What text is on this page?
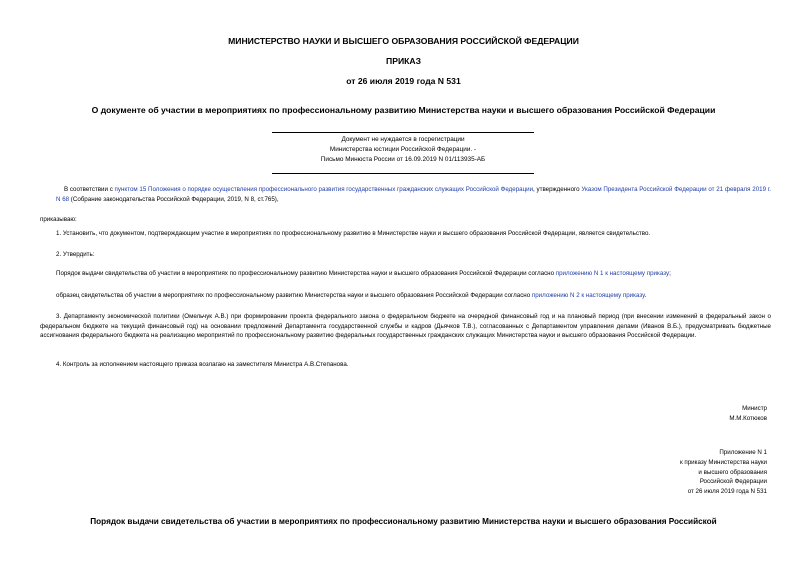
МИНИСТЕРСТВО НАУКИ И ВЫСШЕГО ОБРАЗОВАНИЯ РОССИЙСКОЙ ФЕДЕРАЦИИ
ПРИКАЗ
от 26 июля 2019 года N 531
О документе об участии в мероприятиях по профессиональному развитию Министерства науки и высшего образования Российской Федерации
Документ не нуждается в госрегистрации
Министерства юстиции Российской Федерации. -
Письмо Минюста России от 16.09.2019 N 01/113935-АБ
В соответствии с пунктом 15 Положения о порядке осуществления профессионального развития государственных гражданских служащих Российской Федерации, утвержденного Указом Президента Российской Федерации от 21 февраля 2019 г. N 68 (Собрание законодательства Российской Федерации, 2019, N 8, ст.765),
приказываю:
1. Установить, что документом, подтверждающим участие в мероприятиях по профессиональному развитию в Министерстве науки и высшего образования Российской Федерации, является свидетельство.
2. Утвердить:
Порядок выдачи свидетельства об участии в мероприятиях по профессиональному развитию Министерства науки и высшего образования Российской Федерации согласно приложению N 1 к настоящему приказу;
образец свидетельства об участии в мероприятиях по профессиональному развитию Министерства науки и высшего образования Российской Федерации согласно приложению N 2 к настоящему приказу.
3. Департаменту экономической политики (Омельчук А.В.) при формировании проекта федерального закона о федеральном бюджете на очередной финансовый год и на плановый период (при внесении изменений в федеральный закон о федеральном бюджете на текущий финансовый год) на основании предложений Департамента государственной службы и кадров (Дьячков Т.В.), согласованных с Департаментом управления делами (Иванов В.Б.), предусматривать бюджетные ассигнования федерального бюджета на реализацию мероприятий по профессиональному развитию федеральных государственных гражданских служащих Министерства науки и высшего образования Российской Федерации.
4. Контроль за исполнением настоящего приказа возлагаю на заместителя Министра А.В.Степанова.
Министр
М.М.Котюков
Приложение N 1
к приказу Министерства науки
и высшего образования
Российской Федерации
от 26 июля 2019 года N 531
Порядок выдачи свидетельства об участии в мероприятиях по профессиональному развитию Министерства науки и высшего образования Российской
